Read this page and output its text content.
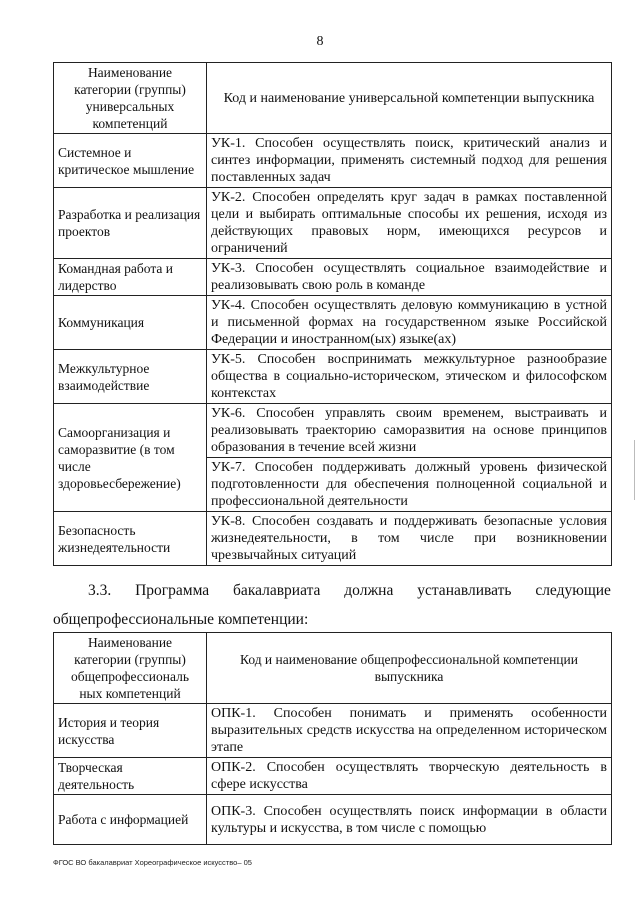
8
Наименование категории (группы) универсальных компетенций	Код и наименование универсальной компетенции выпускника
Системное и критическое мышление	УК-1. Способен осуществлять поиск, критический анализ и синтез информации, применять системный подход для решения поставленных задач
Разработка и реализация проектов	УК-2. Способен определять круг задач в рамках поставленной цели и выбирать оптимальные способы их решения, исходя из действующих правовых норм, имеющихся ресурсов и ограничений
Командная работа и лидерство	УК-3. Способен осуществлять социальное взаимодействие и реализовывать свою роль в команде
Коммуникация	УК-4. Способен осуществлять деловую коммуникацию в устной и письменной формах на государственном языке Российской Федерации и иностранном(ых) языке(ах)
Межкультурное взаимодействие	УК-5. Способен воспринимать межкультурное разнообразие общества в социально-историческом, этическом и философском контекстах
Самоорганизация и саморазвитие (в том числе здоровьесбережение)	УК-6. Способен управлять своим временем, выстраивать и реализовывать траекторию саморазвития на основе принципов образования в течение всей жизни
	УК-7. Способен поддерживать должный уровень физической подготовленности для обеспечения полноценной социальной и профессиональной деятельности
Безопасность жизнедеятельности	УК-8. Способен создавать и поддерживать безопасные условия жизнедеятельности, в том числе при возникновении чрезвычайных ситуаций
3.3. Программа бакалавриата должна устанавливать следующие
общепрофессиональные компетенции:
Наименование категории (группы) общепрофессиональ ных компетенций	Код и наименование общепрофессиональной компетенции выпускника
История и теория искусства	ОПК-1. Способен понимать и применять особенности выразительных средств искусства на определенном историческом этапе
Творческая деятельность	ОПК-2. Способен осуществлять творческую деятельность в сфере искусства
Работа с информацией	ОПК-3. Способен осуществлять поиск информации в области культуры и искусства, в том числе с помощью
ФГОС ВО бакалавриат Хореографическое искусство– 05
